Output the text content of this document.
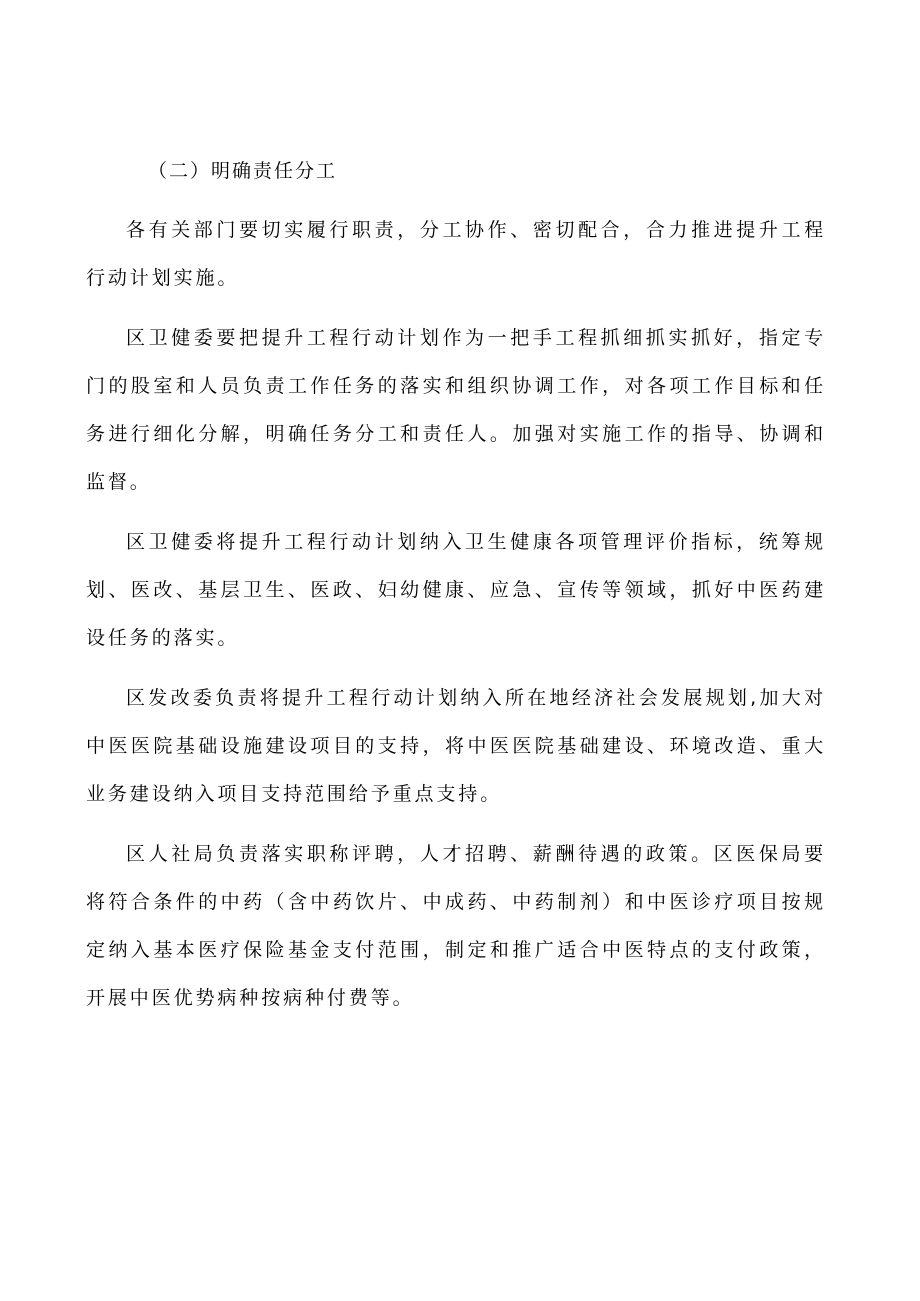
（二）明确责任分工

各有关部门要切实履行职责，分工协作、密切配合，合力推进提升工程行动计划实施。

区卫健委要把提升工程行动计划作为一把手工程抓细抓实抓好，指定专门的股室和人员负责工作任务的落实和组织协调工作，对各项工作目标和任务进行细化分解，明确任务分工和责任人。加强对实施工作的指导、协调和监督。

区卫健委将提升工程行动计划纳入卫生健康各项管理评价指标，统筹规划、医改、基层卫生、医政、妇幼健康、应急、宣传等领域，抓好中医药建设任务的落实。

区发改委负责将提升工程行动计划纳入所在地经济社会发展规划,加大对中医医院基础设施建设项目的支持，将中医医院基础建设、环境改造、重大业务建设纳入项目支持范围给予重点支持。

区人社局负责落实职称评聘，人才招聘、薪酬待遇的政策。区医保局要将符合条件的中药（含中药饮片、中成药、中药制剂）和中医诊疗项目按规定纳入基本医疗保险基金支付范围，制定和推广适合中医特点的支付政策，开展中医优势病种按病种付费等。
